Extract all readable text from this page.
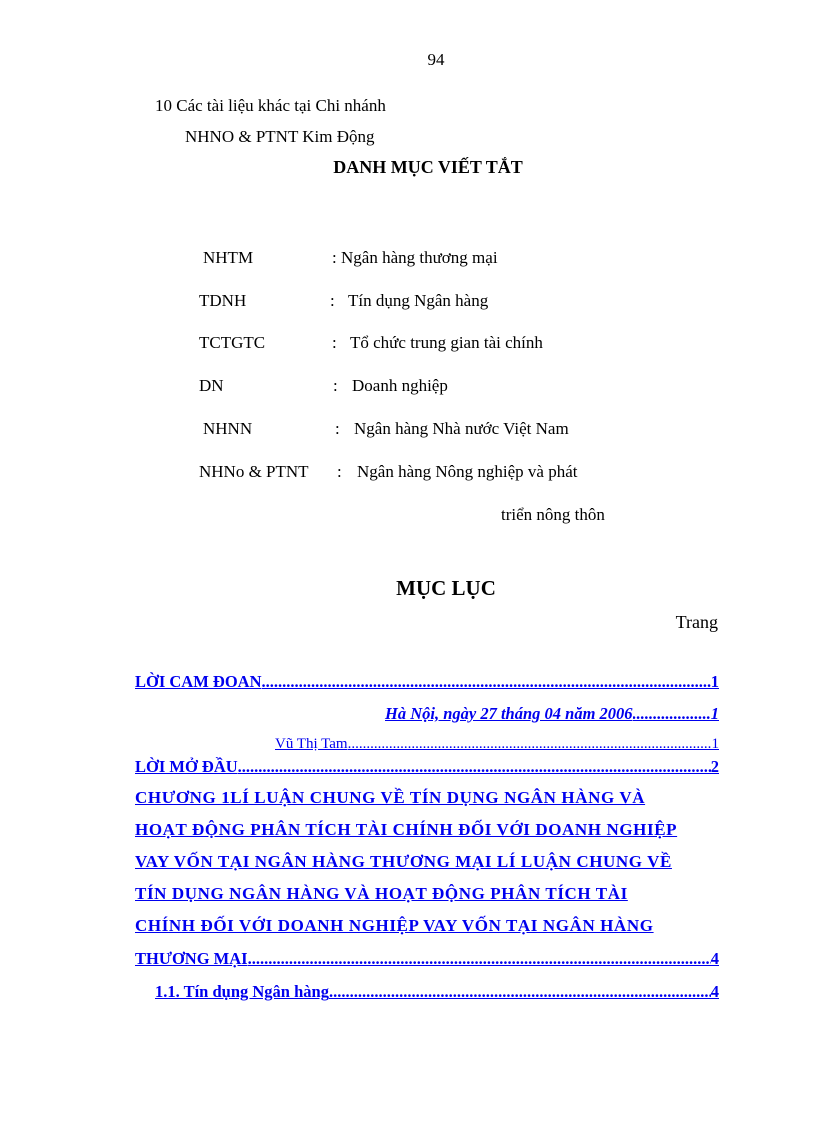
94
10 Các tài liệu khác tại Chi nhánh
NHNO & PTNT Kim Động
DANH MỤC VIẾT TẮT
NHTM	: Ngân hàng thương mại
TDNH	: Tín dụng Ngân hàng
TCTGTC	: Tổ chức trung gian tài chính
DN	: Doanh nghiệp
NHNN	: Ngân hàng Nhà nước Việt Nam
NHNo & PTNT : Ngân hàng Nông nghiệp và phát
triển nông thôn
MỤC LỤC
Trang
LỜI CAM ĐOAN .....	1
Hà Nội, ngày 27 tháng 04 năm 2006 .....	1
Vũ Thị Tam .....	1
LỜI MỞ ĐẦU .....	2
CHƯƠNG 1LÍ LUẬN CHUNG VỀ TÍN DỤNG NGÂN HÀNG VÀ
HOẠT ĐỘNG PHÂN TÍCH TÀI CHÍNH ĐỐI VỚI DOANH NGHIỆP
VAY VỐN TẠI NGÂN HÀNG THƯƠNG MẠI LÍ LUẬN CHUNG VỀ
TÍN DỤNG NGÂN HÀNG VÀ HOẠT ĐỘNG PHÂN TÍCH TÀI
CHÍNH ĐỐI VỚI DOANH NGHIỆP VAY VỐN TẠI NGÂN HÀNG
THƯƠNG MẠI .....	4
1.1. Tín dụng Ngân hàng .....	4
